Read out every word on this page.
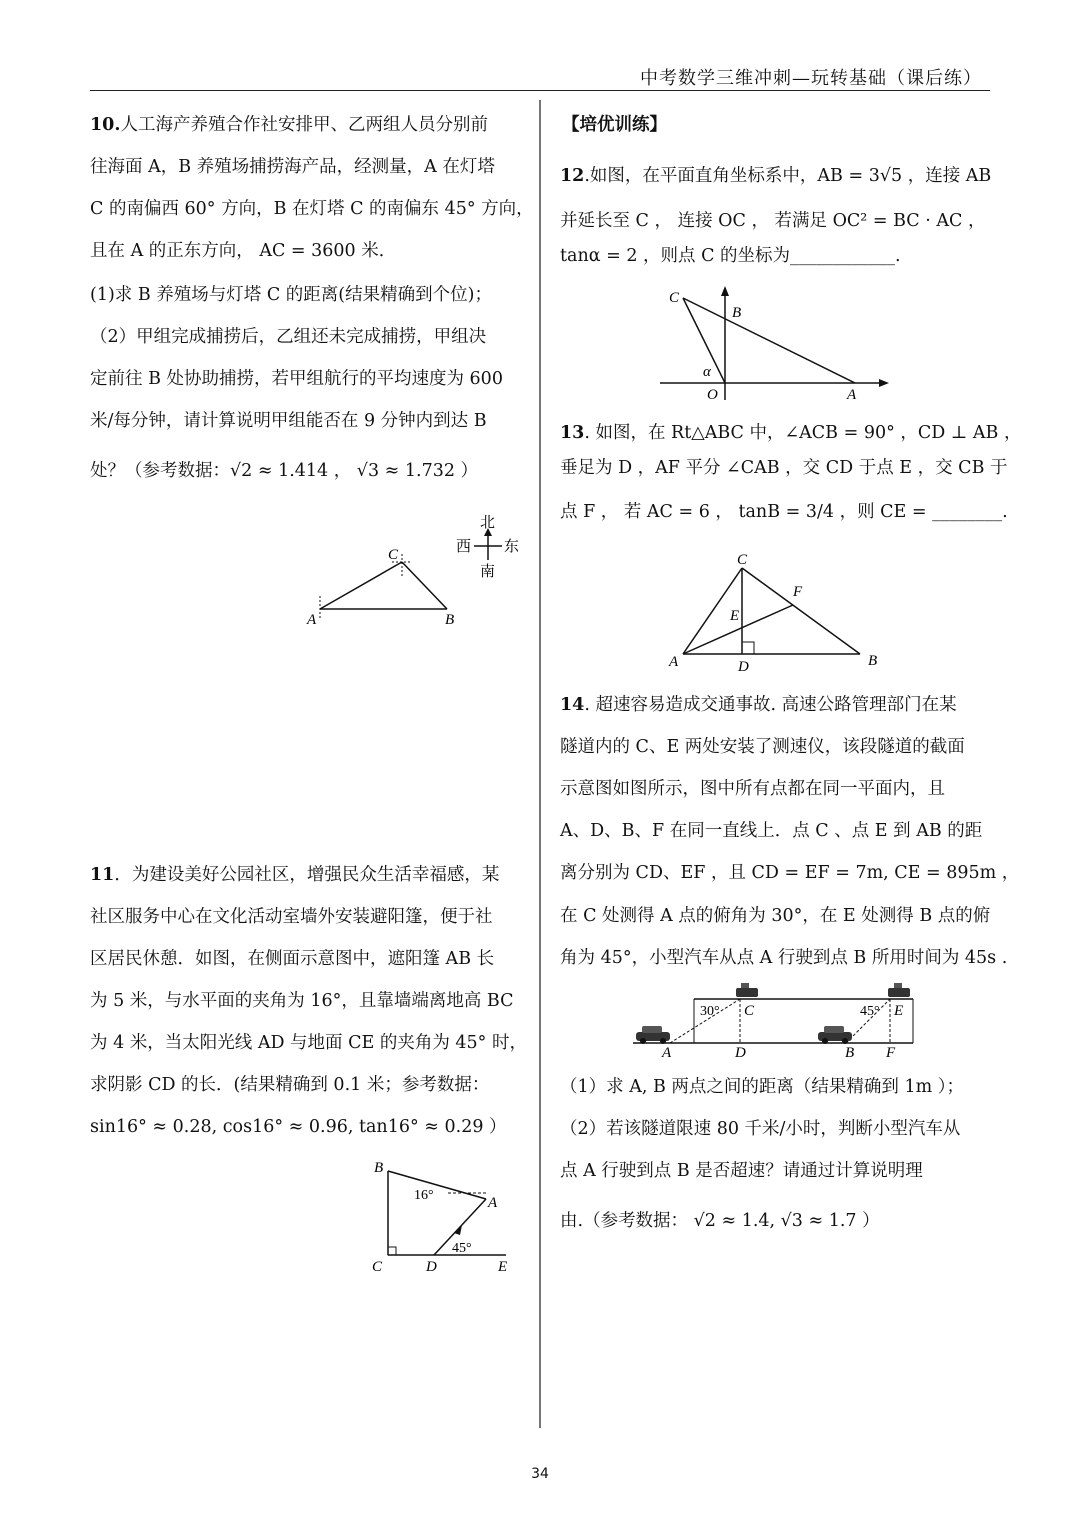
中考数学三维冲刺—玩转基础（课后练）
10.人工海产养殖合作社安排甲、乙两组人员分别前
往海面 A，B 养殖场捕捞海产品，经测量，A 在灯塔
C 的南偏西 60° 方向，B 在灯塔 C 的南偏东 45° 方向，
且在 A 的正东方向， AC = 3600 米．
(1)求 B 养殖场与灯塔 C 的距离(结果精确到个位)；
（2）甲组完成捕捞后，乙组还未完成捕捞，甲组决
定前往 B 处协助捕捞，若甲组航行的平均速度为 600
米/每分钟，请计算说明甲组能否在 9 分钟内到达 B
处？（参考数据：√2 ≈ 1.414 ， √3 ≈ 1.732 ）
C
A	B
北
西 东
南
11．为建设美好公园社区，增强民众生活幸福感，某
社区服务中心在文化活动室墙外安装避阳篷，便于社
区居民休憩．如图，在侧面示意图中，遮阳篷 AB 长
为 5 米，与水平面的夹角为 16°，且靠墙端离地高 BC
为 4 米，当太阳光线 AD 与地面 CE 的夹角为 45° 时，
求阴影 CD 的长．(结果精确到 0.1 米；参考数据：
sin16° ≈ 0.28, cos16° ≈ 0.96, tan16° ≈ 0.29 ）
B
A
C	D	E
16°
45°
【培优训练】
12.如图，在平面直角坐标系中，AB = 3√5 ，连接 AB
并延长至 C ， 连接 OC ， 若满足 OC² = BC · AC ，
tanα = 2 ，则点 C 的坐标为____________.
C
B
O	A
α
13. 如图，在 Rt△ABC 中，∠ACB = 90° ，CD ⊥ AB ，
垂足为 D ，AF 平分 ∠CAB ，交 CD 于点 E ，交 CB 于
点 F ， 若 AC = 6 ， tanB = 3/4 ，则 CE = ________.
C
F
E
A	D	B
14. 超速容易造成交通事故. 高速公路管理部门在某
隧道内的 C、E 两处安装了测速仪，该段隧道的截面
示意图如图所示，图中所有点都在同一平面内，且
A、D、B、F 在同一直线上．点 C 、点 E 到 AB 的距
离分别为 CD、EF ，且 CD = EF = 7m, CE = 895m ，
在 C 处测得 A 点的俯角为 30°，在 E 处测得 B 点的俯
角为 45°，小型汽车从点 A 行驶到点 B 所用时间为 45s .
（1）求 A, B 两点之间的距离（结果精确到 1m ）；
（2）若该隧道限速 80 千米/小时，判断小型汽车从
点 A 行驶到点 B 是否超速？请通过计算说明理
由.（参考数据： √2 ≈ 1.4, √3 ≈ 1.7 ）
30°	45°
C	E
A	D	B F
34
